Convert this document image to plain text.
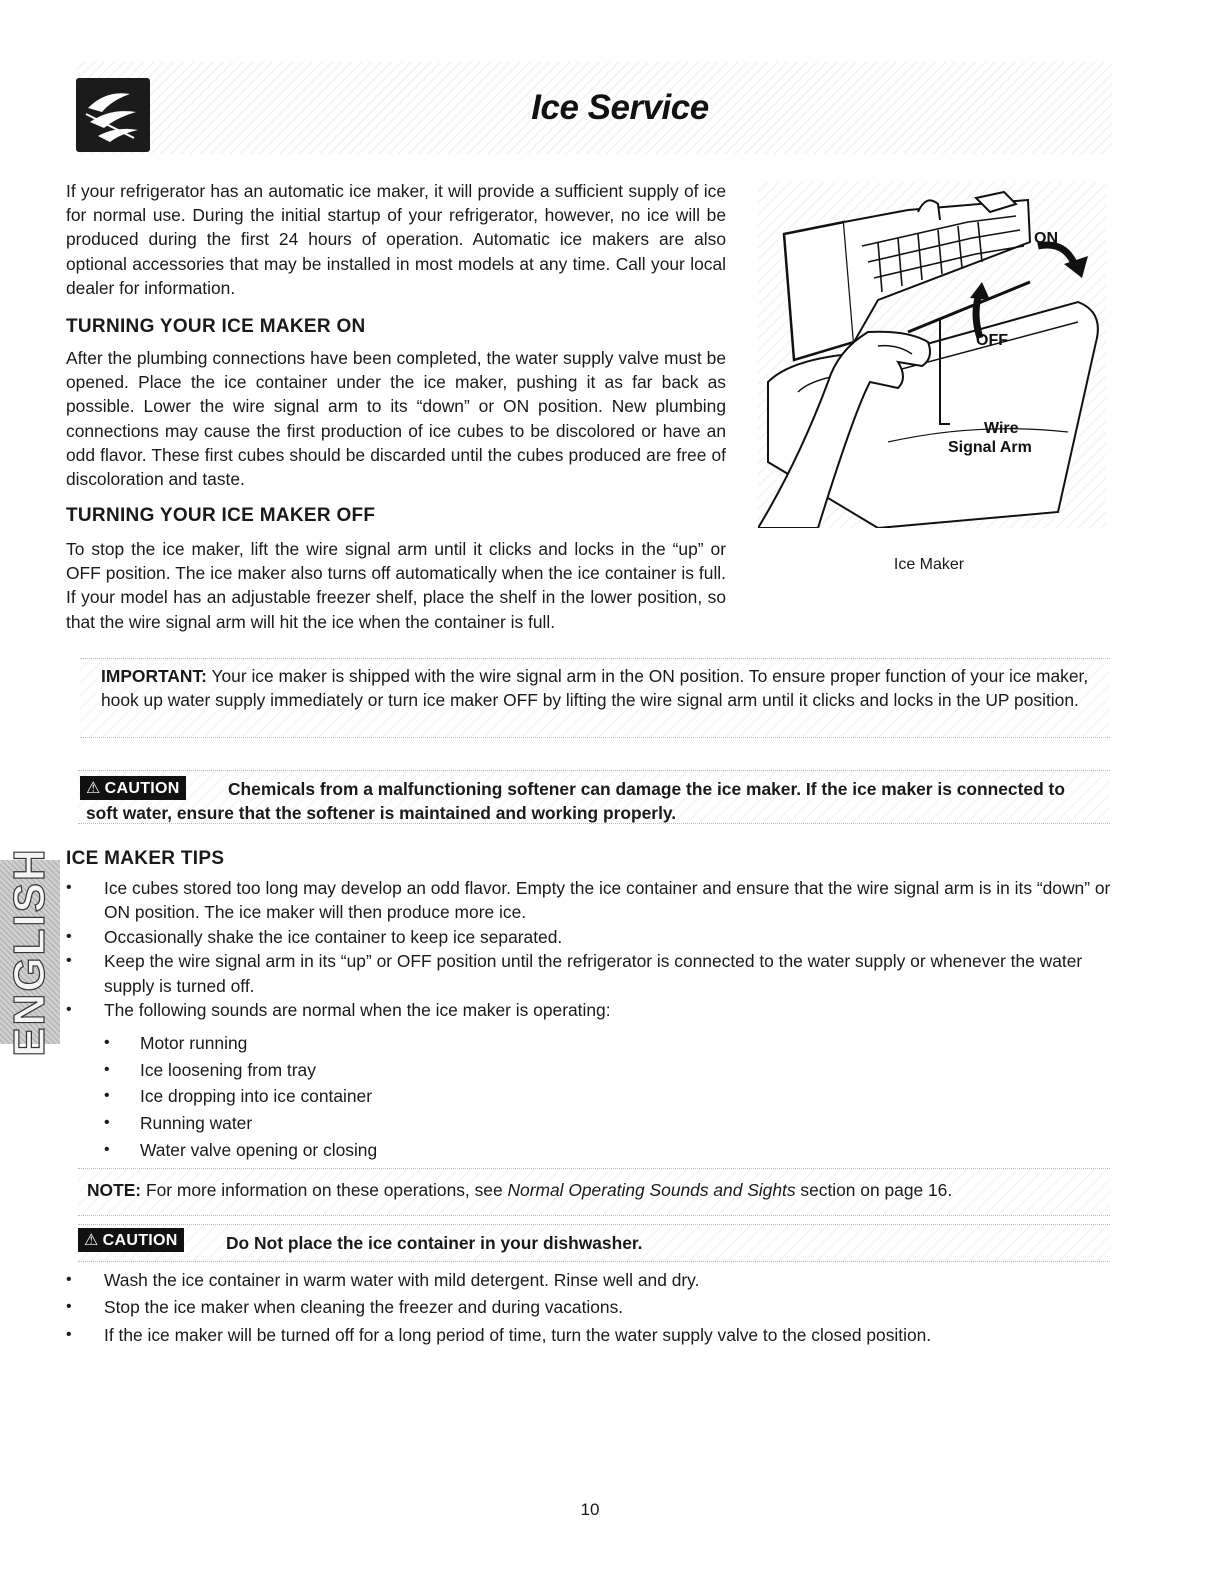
Ice Service

If your refrigerator has an automatic ice maker, it will provide a sufficient supply of ice for normal use. During the initial startup of your refrigerator, however, no ice will be produced during the first 24 hours of operation. Automatic ice makers are also optional accessories that may be installed in most models at any time. Call your local dealer for information.

TURNING YOUR ICE MAKER ON

After the plumbing connections have been completed, the water supply valve must be opened. Place the ice container under the ice maker, pushing it as far back as possible. Lower the wire signal arm to its “down” or ON position. New plumbing connections may cause the first production of ice cubes to be discolored or have an odd flavor. These first cubes should be discarded until the cubes produced are free of discoloration and taste.

TURNING YOUR ICE MAKER OFF

To stop the ice maker, lift the wire signal arm until it clicks and locks in the “up” or OFF position. The ice maker also turns off automatically when the ice container is full. If your model has an adjustable freezer shelf, place the shelf in the lower position, so that the wire signal arm will hit the ice when the container is full.

ON
OFF
Wire
Signal Arm
Ice Maker

IMPORTANT: Your ice maker is shipped with the wire signal arm in the ON position. To ensure proper function of your ice maker, hook up water supply immediately or turn ice maker OFF by lifting the wire signal arm until it clicks and locks in the UP position.

⚠ CAUTION	Chemicals from a malfunctioning softener can damage the ice maker. If the ice maker is connected to soft water, ensure that the softener is maintained and working properly.

ENGLISH ICE MAKER TIPS
• Ice cubes stored too long may develop an odd flavor. Empty the ice container and ensure that the wire signal arm is in its “down” or ON position. The ice maker will then produce more ice.
• Occasionally shake the ice container to keep ice separated.
• Keep the wire signal arm in its “up” or OFF position until the refrigerator is connected to the water supply or whenever the water supply is turned off.
• The following sounds are normal when the ice maker is operating:
• Motor running
• Ice loosening from tray
• Ice dropping into ice container
• Running water
• Water valve opening or closing

NOTE: For more information on these operations, see Normal Operating Sounds and Sights section on page 16.

⚠ CAUTION	Do Not place the ice container in your dishwasher.

• Wash the ice container in warm water with mild detergent. Rinse well and dry.
• Stop the ice maker when cleaning the freezer and during vacations.
• If the ice maker will be turned off for a long period of time, turn the water supply valve to the closed position.
10
